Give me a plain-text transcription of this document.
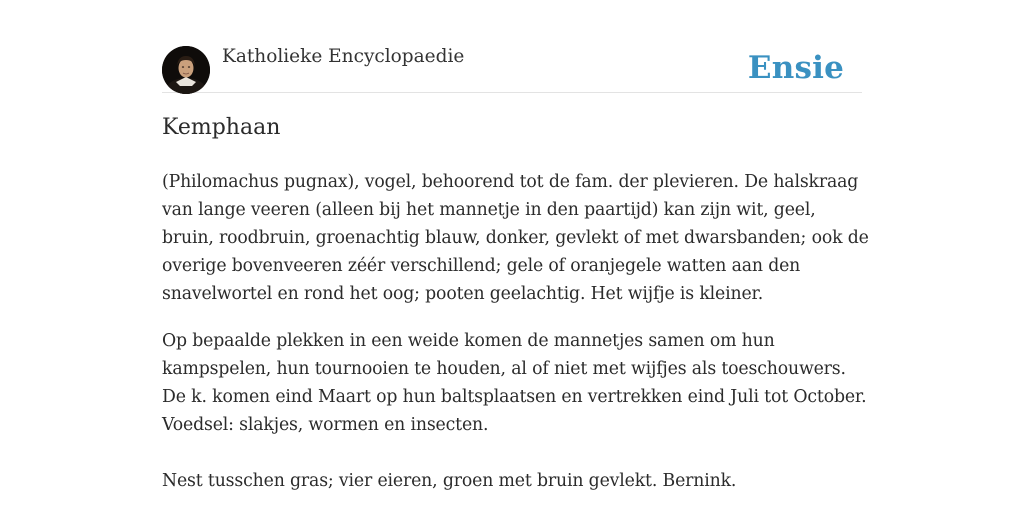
Katholieke Encyclopaedie	Ensie
Kemphaan

(Philomachus pugnax), vogel, behoorend tot de fam. der plevieren. De halskraag
van lange veeren (alleen bij het mannetje in den paartijd) kan zijn wit, geel,
bruin, roodbruin, groenachtig blauw, donker, gevlekt of met dwarsbanden; ook de
overige bovenveeren zéér verschillend; gele of oranjegele watten aan den
snavelwortel en rond het oog; pooten geelachtig. Het wijfje is kleiner.

Op bepaalde plekken in een weide komen de mannetjes samen om hun
kampspelen, hun tournooien te houden, al of niet met wijfjes als toeschouwers.
De k. komen eind Maart op hun baltsplaatsen en vertrekken eind Juli tot October.
Voedsel: slakjes, wormen en insecten.

Nest tusschen gras; vier eieren, groen met bruin gevlekt. Bernink.
